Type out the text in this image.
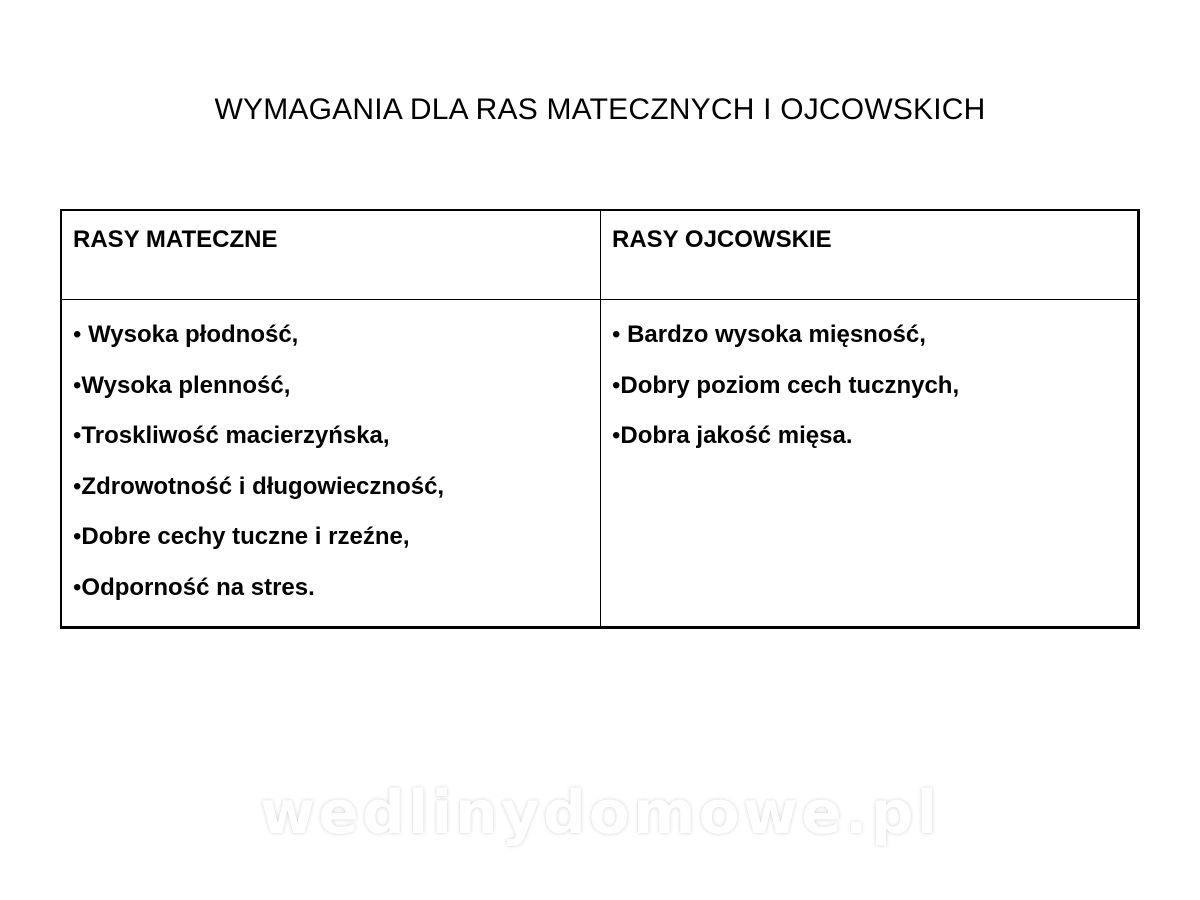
WYMAGANIA DLA RAS MATECZNYCH I OJCOWSKICH
RASY MATECZNE	RASY OJCOWSKIE
• Wysoka płodność,
•Wysoka plenność,
•Troskliwość macierzyńska,
•Zdrowotność i długowieczność,
•Dobre cechy tuczne i rzeźne,
•Odporność na stres.
• Bardzo wysoka mięsność,
•Dobry poziom cech tucznych,
•Dobra jakość mięsa.
wedlinydomowe.pl
